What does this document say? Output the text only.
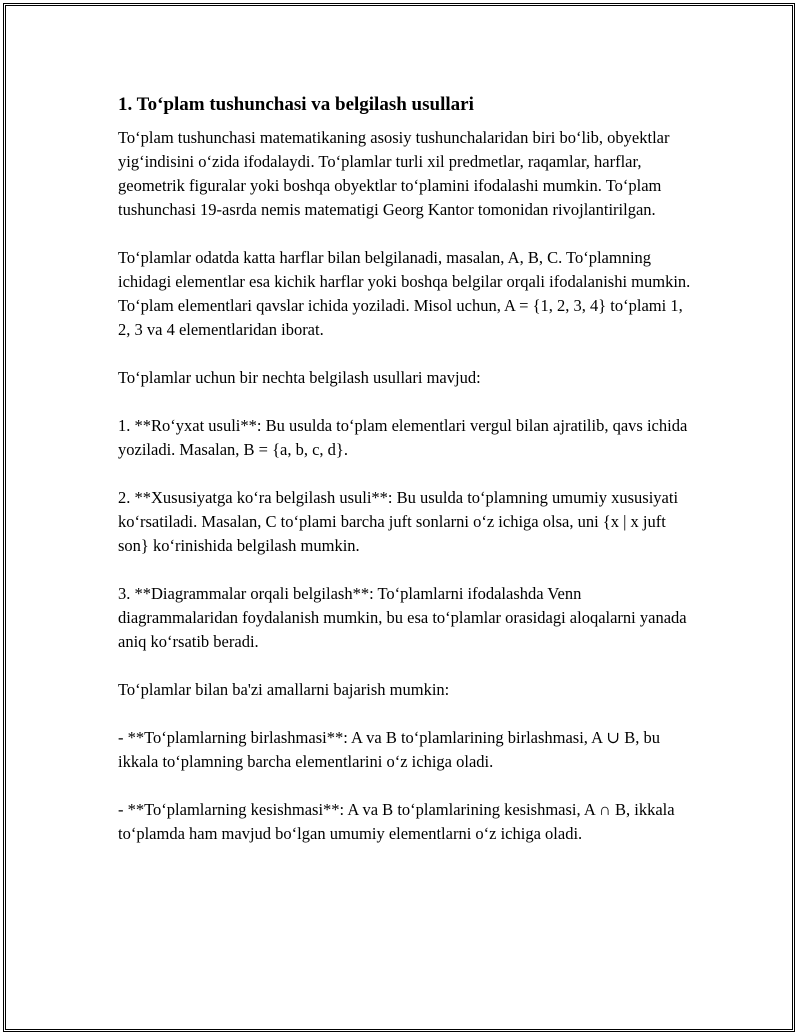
1. To‘plam tushunchasi va belgilash usullari

To‘plam tushunchasi matematikaning asosiy tushunchalaridan biri bo‘lib, obyektlar yig‘indisini o‘zida ifodalaydi. To‘plamlar turli xil predmetlar, raqamlar, harflar, geometrik figuralar yoki boshqa obyektlar to‘plamini ifodalashi mumkin. To‘plam tushunchasi 19-asrda nemis matematigi Georg Kantor tomonidan rivojlantirilgan.

To‘plamlar odatda katta harflar bilan belgilanadi, masalan, A, B, C. To‘plamning ichidagi elementlar esa kichik harflar yoki boshqa belgilar orqali ifodalanishi mumkin. To‘plam elementlari qavslar ichida yoziladi. Misol uchun, A = {1, 2, 3, 4} to‘plami 1, 2, 3 va 4 elementlaridan iborat.

To‘plamlar uchun bir nechta belgilash usullari mavjud:

1. **Ro‘yxat usuli**: Bu usulda to‘plam elementlari vergul bilan ajratilib, qavs ichida yoziladi. Masalan, B = {a, b, c, d}.

2. **Xususiyatga ko‘ra belgilash usuli**: Bu usulda to‘plamning umumiy xususiyati ko‘rsatiladi. Masalan, C to‘plami barcha juft sonlarni o‘z ichiga olsa, uni {x | x juft son} ko‘rinishida belgilash mumkin.

3. **Diagrammalar orqali belgilash**: To‘plamlarni ifodalashda Venn diagrammalaridan foydalanish mumkin, bu esa to‘plamlar orasidagi aloqalarni yanada aniq ko‘rsatib beradi.

To‘plamlar bilan ba'zi amallarni bajarish mumkin:

- **To‘plamlarning birlashmasi**: A va B to‘plamlarining birlashmasi, A ∪ B, bu ikkala to‘plamning barcha elementlarini o‘z ichiga oladi.

- **To‘plamlarning kesishmasi**: A va B to‘plamlarining kesishmasi, A ∩ B, ikkala to‘plamda ham mavjud bo‘lgan umumiy elementlarni o‘z ichiga oladi.
